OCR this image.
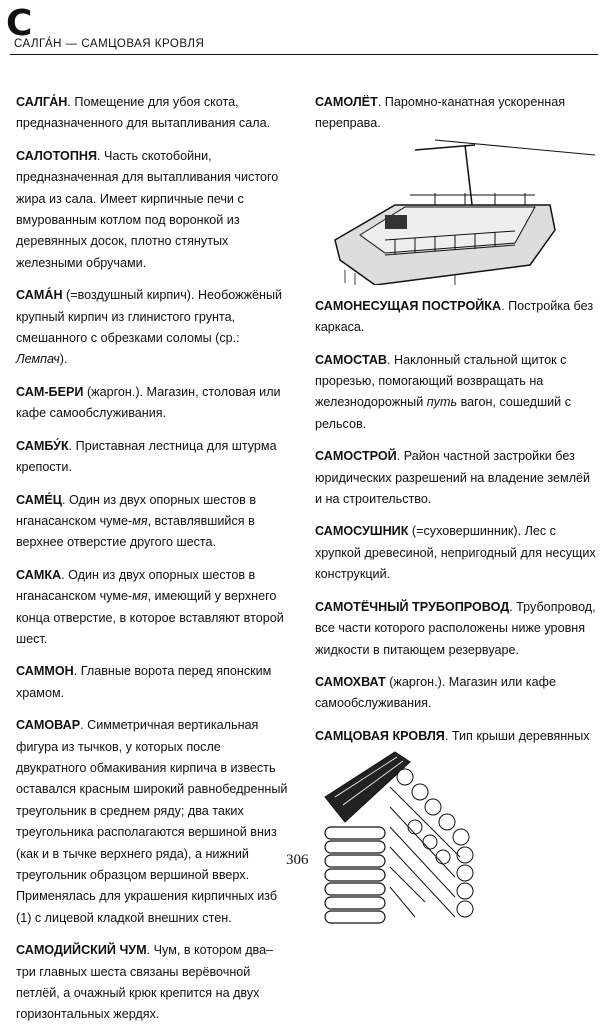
С
САЛГА́Н — САМЦОВАЯ КРОВЛЯ

САЛГА́Н. Помещение для убоя скота, предназначенного для вытапливания сала.

САЛОТОПНЯ. Часть скотобойни, предназначенная для вытапливания чистого жира из сала. Имеет кирпичные печи с вмурованным котлом под воронкой из деревянных досок, плотно стянутых железными обручами.

САМА́Н (=воздушный кирпич). Необожжёный крупный кирпич из глинистого грунта, смешанного с обрезками соломы (ср.: Лемпач).

САМ-БЕРИ (жаргон.). Магазин, столовая или кафе самообслуживания.

САМБУ́К. Приставная лестница для штурма крепости.

САМЕ́Ц. Один из двух опорных шестов в нганасанском чуме-мя, вставлявшийся в верхнее отверстие другого шеста.

САМКА. Один из двух опорных шестов в нганасанском чуме-мя, имеющий у верхнего конца отверстие, в которое вставляют второй шест.

САММОН. Главные ворота перед японским храмом.

САМОВАР. Симметричная вертикальная фигура из тычков, у которых после двукратного обмакивания кирпича в известь оставался красным широкий равнобедренный треугольник в среднем ряду; два таких треугольника располагаются вершиной вниз (как и в тычке верхнего ряда), а нижний треугольник образцом вершиной вверх. Применялась для украшения кирпичных изб (1) с лицевой кладкой внешних стен.

САМОДИЙСКИЙ ЧУМ. Чум, в котором два–три главных шеста связаны верёвочной петлёй, а очажный крюк крепится на двух горизонтальных жердях.

САМОЛЁТ. Паромно-канатная ускоренная переправа.

САМОНЕСУЩАЯ ПОСТРОЙКА. Постройка без каркаса.

САМОСТАВ. Наклонный стальной щиток с прорезью, помогающий возвращать на железнодорожный путь вагон, сошедший с рельсов.

САМОСТРОЙ. Район частной застройки без юридических разрешений на владение землёй и на строительство.

САМОСУШНИК (=суховершинник). Лес с хрупкой древесиной, непригодный для несущих конструкций.

САМОТЁЧНЫЙ ТРУБОПРОВОД. Трубопровод, все части которого расположены ниже уровня жидкости в питающем резервуаре.

САМОХВАТ (жаргон.). Магазин или кафе самообслуживания.

САМЦОВАЯ КРОВЛЯ. Тип крыши деревянных

306
